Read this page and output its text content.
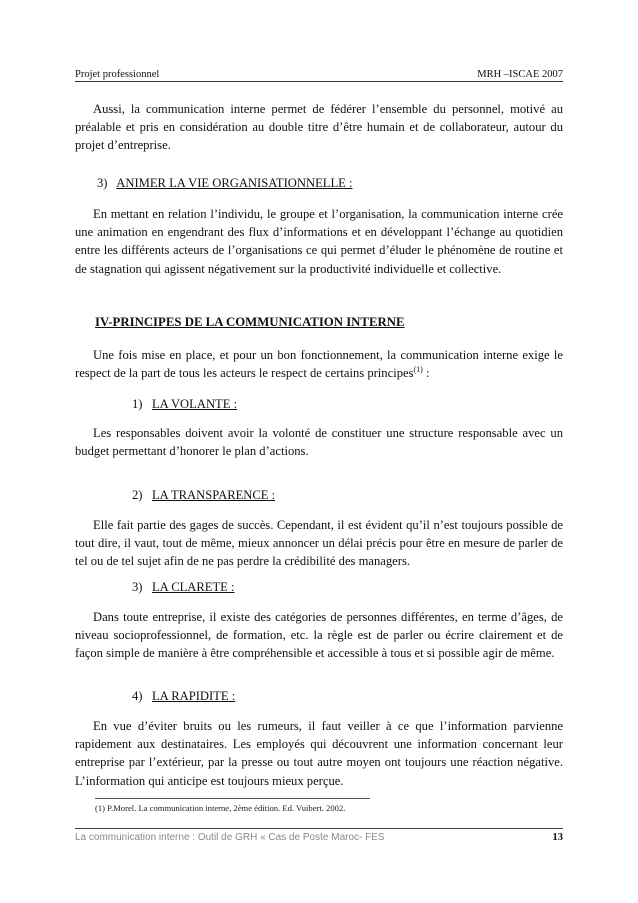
Projet professionnel	MRH –ISCAE 2007

Aussi, la communication interne permet de fédérer l’ensemble du personnel, motivé au préalable et pris en considération au double titre d’être humain et de collaborateur, autour du projet d’entreprise.

3) ANIMER LA VIE ORGANISATIONNELLE :

En mettant en relation l’individu, le groupe et l’organisation, la communication interne crée une animation en engendrant des flux d’informations et en développant l’échange au quotidien entre les différents acteurs de l’organisations ce qui permet d’éluder le phénomène de routine et de stagnation qui agissent négativement sur la productivité individuelle et collective.

IV-PRINCIPES DE LA COMMUNICATION INTERNE

Une fois mise en place, et pour un bon fonctionnement, la communication interne exige le respect de la part de tous les acteurs le respect de certains principes$^{(1)}$ :

1) LA VOLANTE :

Les responsables doivent avoir la volonté de constituer une structure responsable avec un budget permettant d’honorer le plan d’actions.

2) LA TRANSPARENCE :

Elle fait partie des gages de succès. Cependant, il est évident qu’il n’est toujours possible de tout dire, il vaut, tout de même, mieux annoncer un délai précis pour être en mesure de parler de tel ou de tel sujet afin de ne pas perdre la crédibilité des managers.

3) LA CLARETE :

Dans toute entreprise, il existe des catégories de personnes différentes, en terme d’âges, de niveau socioprofessionnel, de formation, etc. la règle est de parler ou écrire clairement et de façon simple de manière à être compréhensible et accessible à tous et si possible agir de même.

4) LA RAPIDITE :

En vue d’éviter bruits ou les rumeurs, il faut veiller à ce que l’information parvienne rapidement aux destinataires. Les employés qui découvrent une information concernant leur entreprise par l’extérieur, par la presse ou tout autre moyen ont toujours une réaction négative. L’information qui anticipe est toujours mieux perçue.

(1) P.Morel. La communication interne, 2ème édition. Ed. Vuibert. 2002.
La communication interne : Outil de GRH « Cas de Poste Maroc- FES	13
